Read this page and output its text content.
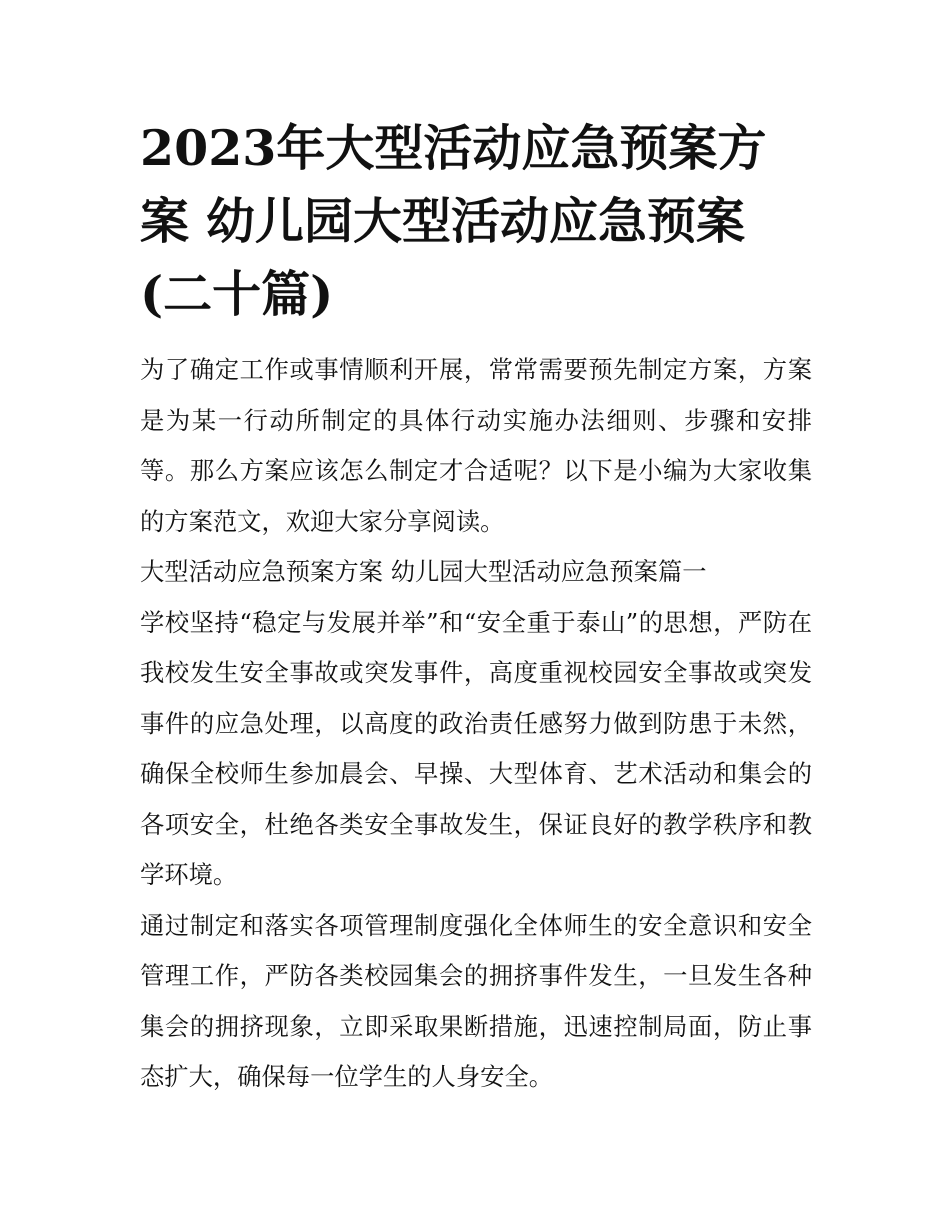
2023年大型活动应急预案方案 幼儿园大型活动应急预案(二十篇)

为了确定工作或事情顺利开展，常常需要预先制定方案，方案是为某一行动所制定的具体行动实施办法细则、步骤和安排等。那么方案应该怎么制定才合适呢？以下是小编为大家收集的方案范文，欢迎大家分享阅读。

大型活动应急预案方案 幼儿园大型活动应急预案篇一

学校坚持“稳定与发展并举”和“安全重于泰山”的思想，严防在我校发生安全事故或突发事件，高度重视校园安全事故或突发事件的应急处理，以高度的政治责任感努力做到防患于未然，确保全校师生参加晨会、早操、大型体育、艺术活动和集会的各项安全，杜绝各类安全事故发生，保证良好的教学秩序和教学环境。

通过制定和落实各项管理制度强化全体师生的安全意识和安全管理工作，严防各类校园集会的拥挤事件发生，一旦发生各种集会的拥挤现象，立即采取果断措施，迅速控制局面，防止事态扩大，确保每一位学生的人身安全。
